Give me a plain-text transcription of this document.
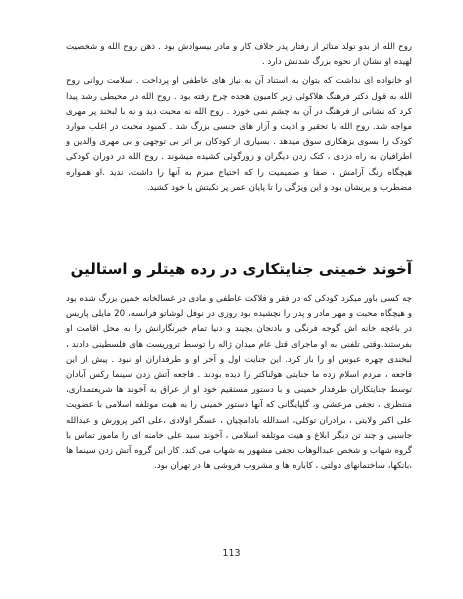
روح الله از بدو تولد متاثر از رفتار پدر خلاف کار و مادر بیسوادش بود . ذهن روح الله و شخصیت لهیده او نشان از نحوه بزرگ شدنش دارد .

او خانواده ای نداشت که بتوان به استناد آن به نیاز های عاطفی او پرداخت . سلامت روانی روح الله به قول دکتر فرهنگ هلاکوئی زیر کامیون هجده چرخ رفته بود . روح الله در محیطی رشد پیدا کرد که نشانی از فرهنگ در آن به چشم نمی خورد . روح الله نه محبت دید و نه با لبخند پر مهری مواجه شد. روح الله با تحقیر و اذیت و آزار های جنسی بزرگ شد . کمبود محبت در اغلب موارد کودک را بسوی بزهکاری سوق میدهد . بسیاری از کودکان بر اثر بی توجهی و بی مهری والدین و اطرافیان به راه دزدی ، کتک زدن دیگران و زورگوئی کشیده میشوند . روح الله در دوران کودکی هیچگاه رنگ آرامش ، صفا و صمیمیت را که احتیاج مبرم به آنها را داشت، ندید .او همواره مضطرب و پریشان بود و این ویژگی را تا پایان عمر پر تکبتش با خود کشید.

آخوند خمینی جنایتکاری در رده هیتلر و استالین

چه کسی باور میکرد کودکی که در فقر و فلاکت عاطفی و مادی در غسالخانه خمین بزرگ شده بود و هیچگاه محبت و مهر مادر و پدر را نچشیده بود روزی در نوفل لوشاتو فرانسه، 20 مایلی پاریس در باغچه خانه اش گوجه فرنگی و بادنجان بچیند و دنیا تمام خبرنگارانش را به محل اقامت او بفرستند.وقتی تلفنی به او ماجرای قتل عام میدان ژاله را توسط تروریست های فلسطینی دادند ، لبخندی چهره عبوس او را باز کرد. این جنایت اول و آخر او و طرفداران او نبود . پیش از این فاجعه ، مردم اسلام زده ما جنایتی هولناکتر را دیده بودند . فاجعه آتش زدن سینما رکس آبادان توسط جنایتکاران طرفدار خمینی و با دستور مستقیم خود او از عراق به آخوند ها شریعتمداری، منتظری ، نجفی مرعشی و، گلپایگانی که آنها دستور خمینی را به هیت موتلفه اسلامی با عضویت علی اکبر ولایتی ، برادران توکلی، اسدالله بادامچیان ، عسگر اولادی ،علی اکبر پرورش و عبدالله جاسبی و چند تن دیگر ابلاغ و هیت موتلفه اسلامی ، آخوند سید علی خامنه ای را مامور تماس با گروه شهاب و شخص عبدالوهاب نجفی مشهور به شهاب می کند. کار این گروه آتش زدن سینما ها ،بانکها، ساختمانهای دولتی ، کاباره ها و مشروب فروشی ها در تهران بود.

113
